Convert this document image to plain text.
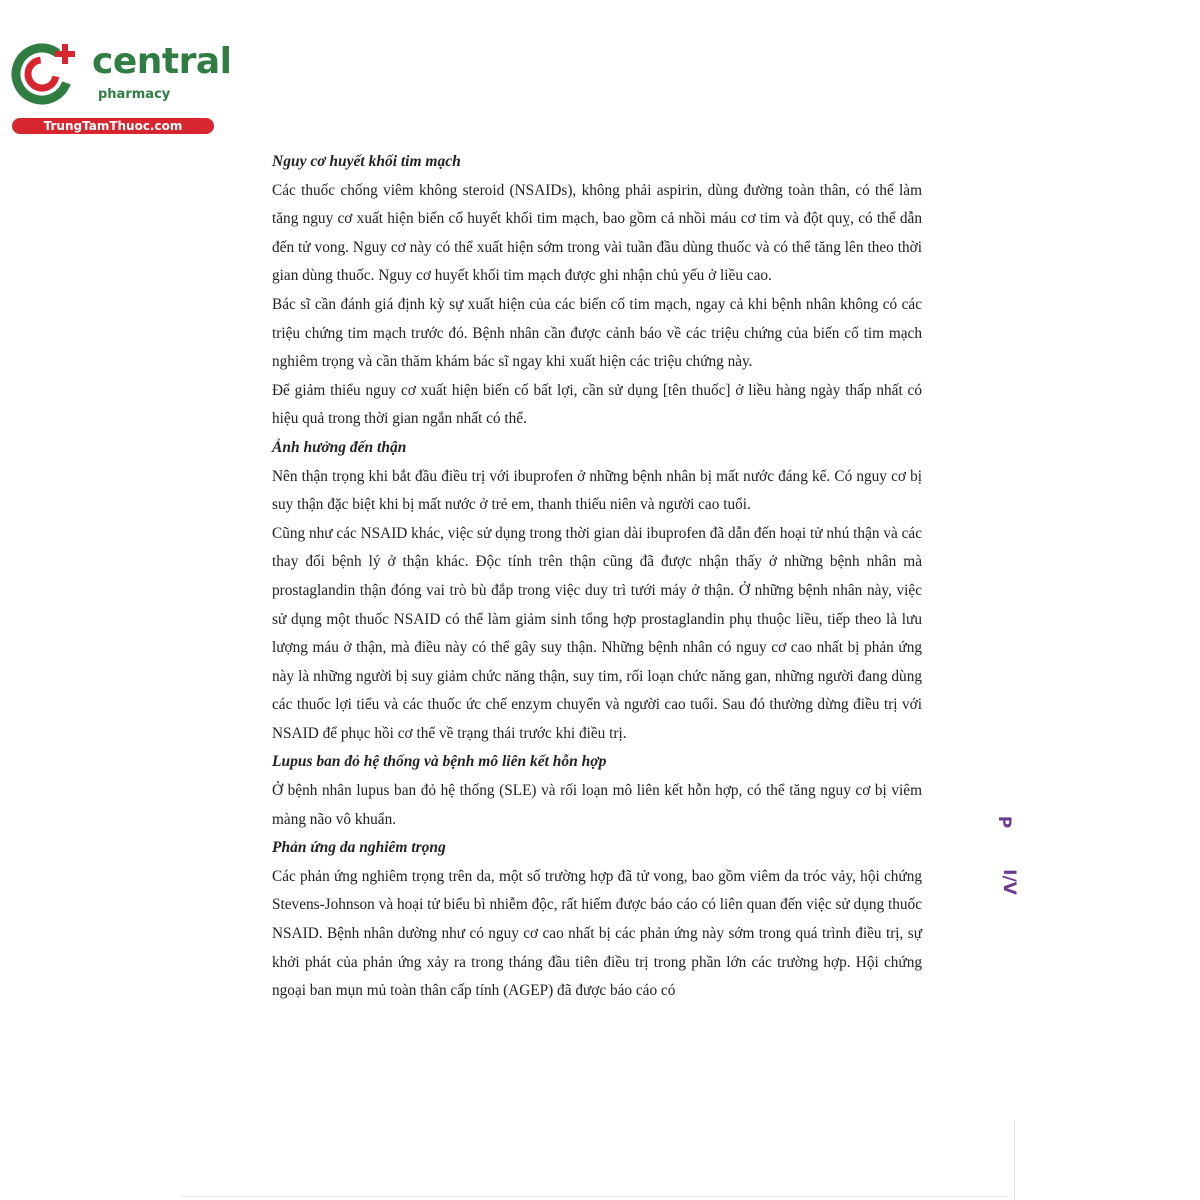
central
pharmacy
TrungTamThuoc.com
Nguy cơ huyết khối tim mạch

Các thuốc chống viêm không steroid (NSAIDs), không phải aspirin, dùng đường toàn thân, có thể làm tăng nguy cơ xuất hiện biến cố huyết khối tim mạch, bao gồm cả nhồi máu cơ tim và đột quỵ, có thể dẫn đến tử vong. Nguy cơ này có thể xuất hiện sớm trong vài tuần đầu dùng thuốc và có thể tăng lên theo thời gian dùng thuốc. Nguy cơ huyết khối tim mạch được ghi nhận chủ yếu ở liều cao.

Bác sĩ cần đánh giá định kỳ sự xuất hiện của các biến cố tim mạch, ngay cả khi bệnh nhân không có các triệu chứng tim mạch trước đó. Bệnh nhân cần được cảnh báo về các triệu chứng của biến cố tim mạch nghiêm trọng và cần thăm khám bác sĩ ngay khi xuất hiện các triệu chứng này.

Để giảm thiểu nguy cơ xuất hiện biến cố bất lợi, cần sử dụng [tên thuốc] ở liều hàng ngày thấp nhất có hiệu quả trong thời gian ngắn nhất có thể.

Ảnh hưởng đến thận

Nên thận trọng khi bắt đầu điều trị với ibuprofen ở những bệnh nhân bị mất nước đáng kể. Có nguy cơ bị suy thận đặc biệt khi bị mất nước ở trẻ em, thanh thiếu niên và người cao tuổi.

Cũng như các NSAID khác, việc sử dụng trong thời gian dài ibuprofen đã dẫn đến hoại tử nhú thận và các thay đổi bệnh lý ở thận khác. Độc tính trên thận cũng đã được nhận thấy ở những bệnh nhân mà prostaglandin thận đóng vai trò bù đắp trong việc duy trì tưới máy ở thận. Ở những bệnh nhân này, việc sử dụng một thuốc NSAID có thể làm giảm sinh tổng hợp prostaglandin phụ thuộc liều, tiếp theo là lưu lượng máu ở thận, mà điều này có thể gây suy thận. Những bệnh nhân có nguy cơ cao nhất bị phản ứng này là những người bị suy giảm chức năng thận, suy tim, rối loạn chức năng gan, những người đang dùng các thuốc lợi tiểu và các thuốc ức chế enzym chuyển và người cao tuổi. Sau đó thường dừng điều trị với NSAID để phục hồi cơ thể về trạng thái trước khi điều trị.

Lupus ban đỏ hệ thống và bệnh mô liên kết hỗn hợp

Ở bệnh nhân lupus ban đỏ hệ thống (SLE) và rối loạn mô liên kết hỗn hợp, có thể tăng nguy cơ bị viêm màng não vô khuẩn.

Phản ứng da nghiêm trọng

Các phản ứng nghiêm trọng trên da, một số trường hợp đã tử vong, bao gồm viêm da tróc vảy, hội chứng Stevens-Johnson và hoại tử biểu bì nhiễm độc, rất hiếm được báo cáo có liên quan đến việc sử dụng thuốc NSAID. Bệnh nhân dường như có nguy cơ cao nhất bị các phản ứng này sớm trong quá trình điều trị, sự khởi phát của phản ứng xảy ra trong tháng đầu tiên điều trị trong phần lớn các trường hợp. Hội chứng ngoại ban mụn mủ toàn thân cấp tính (AGEP) đã được báo cáo có

P
I/V
